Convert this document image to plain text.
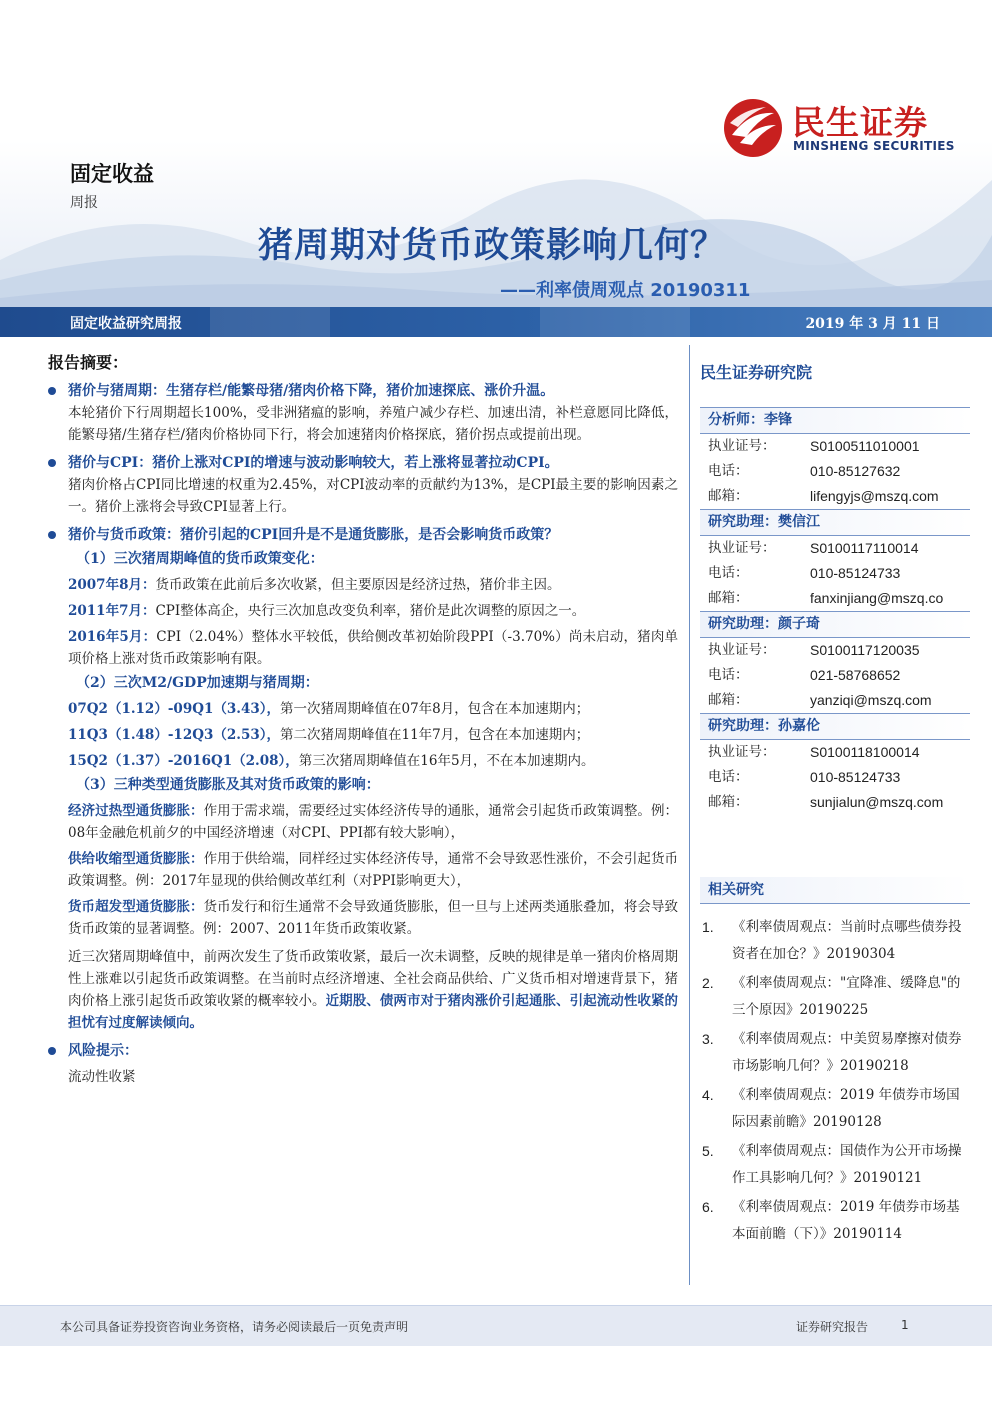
民生证券
MINSHENG SECURITIES
固定收益
周报
猪周期对货币政策影响几何？
——利率债周观点 20190311
固定收益研究周报	2019 年 3 月 11 日
报告摘要：
猪价与猪周期：生猪存栏/能繁母猪/猪肉价格下降，猪价加速探底、涨价升温。
本轮猪价下行周期超长100%，受非洲猪瘟的影响，养殖户减少存栏、加速出清，补栏意愿同比降低，能繁母猪/生猪存栏/猪肉价格协同下行，将会加速猪肉价格探底，猪价拐点或提前出现。
猪价与CPI：猪价上涨对CPI的增速与波动影响较大，若上涨将显著拉动CPI。
猪肉价格占CPI同比增速的权重为2.45%，对CPI波动率的贡献约为13%，是CPI最主要的影响因素之一。猪价上涨将会导致CPI显著上行。
猪价与货币政策：猪价引起的CPI回升是不是通货膨胀，是否会影响货币政策？
（1）三次猪周期峰值的货币政策变化：
2007年8月：货币政策在此前后多次收紧，但主要原因是经济过热，猪价非主因。
2011年7月：CPI整体高企，央行三次加息改变负利率，猪价是此次调整的原因之一。
2016年5月：CPI（2.04%）整体水平较低，供给侧改革初始阶段PPI（-3.70%）尚未启动，猪肉单项价格上涨对货币政策影响有限。
（2）三次M2/GDP加速期与猪周期：
07Q2（1.12）-09Q1（3.43），第一次猪周期峰值在07年8月，包含在本加速期内；
11Q3（1.48）-12Q3（2.53），第二次猪周期峰值在11年7月，包含在本加速期内；
15Q2（1.37）-2016Q1（2.08），第三次猪周期峰值在16年5月，不在本加速期内。
（3）三种类型通货膨胀及其对货币政策的影响：
经济过热型通货膨胀：作用于需求端，需要经过实体经济传导的通胀，通常会引起货币政策调整。例：08年金融危机前夕的中国经济增速（对CPI、PPI都有较大影响），
供给收缩型通货膨胀：作用于供给端，同样经过实体经济传导，通常不会导致恶性涨价，不会引起货币政策调整。例：2017年显现的供给侧改革红利（对PPI影响更大），
货币超发型通货膨胀：货币发行和衍生通常不会导致通货膨胀，但一旦与上述两类通胀叠加，将会导致货币政策的显著调整。例：2007、2011年货币政策收紧。
近三次猪周期峰值中，前两次发生了货币政策收紧，最后一次未调整，反映的规律是单一猪肉价格周期性上涨难以引起货币政策调整。在当前时点经济增速、全社会商品供给、广义货币相对增速背景下，猪肉价格上涨引起货币政策收紧的概率较小。近期股、债两市对于猪肉涨价引起通胀、引起流动性收紧的担忧有过度解读倾向。
风险提示：
流动性收紧
民生证券研究院
分析师：李锋
执业证号： S0100511010001
电话：	010-85127632
邮箱：	lifengyjs@mszq.com
研究助理：樊信江
执业证号： S0100117110014
电话：	010-85124733
邮箱：	fanxinjiang@mszq.co
研究助理：颜子琦
执业证号： S0100117120035
电话：	021-58768652
邮箱：	yanziqi@mszq.com
研究助理：孙嘉伦
执业证号： S0100118100014
电话：	010-85124733
邮箱：	sunjialun@mszq.com
相关研究
1. 《利率债周观点：当前时点哪些债券投资者在加仓？》20190304
2. 《利率债周观点："宜降准、缓降息"的三个原因》20190225
3. 《利率债周观点：中美贸易摩擦对债券市场影响几何？》20190218
4. 《利率债周观点：2019 年债券市场国际因素前瞻》20190128
5. 《利率债周观点：国债作为公开市场操作工具影响几何？》20190121
6. 《利率债周观点：2019 年债券市场基本面前瞻（下）》20190114
本公司具备证券投资咨询业务资格，请务必阅读最后一页免责声明	证券研究报告	1
